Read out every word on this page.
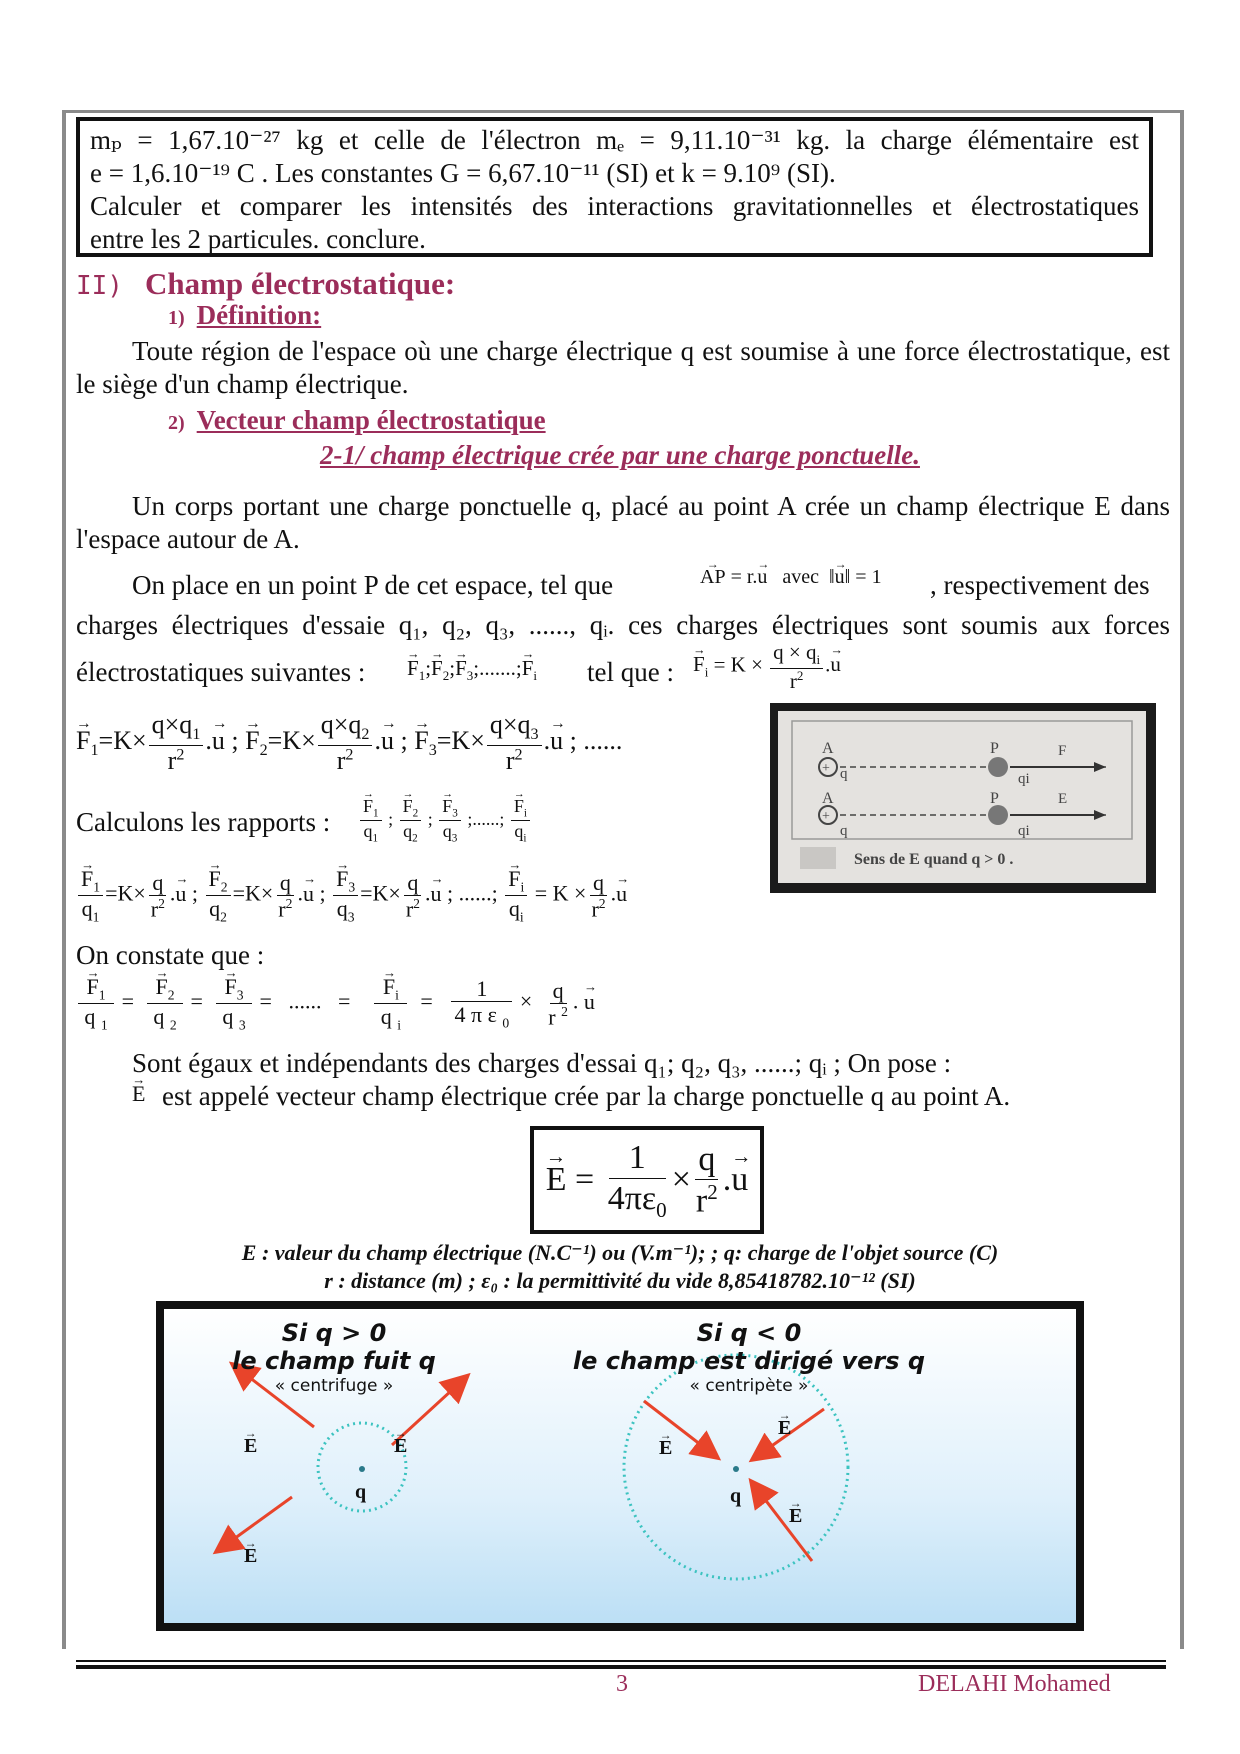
mₚ = 1,67.10⁻²⁷ kg et celle de l'électron mₑ = 9,11.10⁻³¹ kg. la charge élémentaire est
e = 1,6.10⁻¹⁹ C . Les constantes G = 6,67.10⁻¹¹ (SI) et k = 9.10⁹ (SI).
Calculer et comparer les intensités des interactions gravitationnelles et électrostatiques
entre les 2 particules. conclure.
II) Champ électrostatique:
1) Définition:
Toute région de l'espace où une charge électrique q est soumise à une force électrostatique, est le siège d'un champ électrique.
2) Vecteur champ électrostatique
2-1/ champ électrique crée par une charge ponctuelle.
Un corps portant une charge ponctuelle q, placé au point A crée un champ électrique E dans l'espace autour de A.
On place en un point P de cet espace, tel que	→ AP = r.→ u   avec  ‖→ u‖ = 1 , respectivement des
charges électriques d'essaie q₁, q₂, q₃, ......, qᵢ. ces charges électriques sont soumis aux forces
électrostatiques suivantes : → $F_1;\to$ $F_2;\to$ $F_3;.......;\to F_i$ tel que : → $F_i = K \times \frac{q \times q_i}{r^2}$ .→ u
→ $F_1=K\times \frac{q\times q_1}{r^2}$ .→ u ; → $F_2=K\times \frac{q\times q_2}{r^2}$ .→ u ; → $F_3=K\times \frac{q\times q_3}{r^2}$ .→ u ; ......	A
+
P
q	qi
F
A
+
P
q	qi
E
Sens de E quand q > 0 .
Calculons les rapports : → $\frac{F_1}{q_1}$ ; → $\frac{F_2}{q_2}$ ; → $\frac{F_3}{q_3}$ ;......; → $\frac{F_i}{q_i}$
→ $\frac{F_1}{q_1} =K\times \frac{q}{r^2}$ .→ u ; → $\frac{F_2}{q_2} =K\times \frac{q}{r^2}$ .→ u ; → $\frac{F_3}{q_3} =K\times \frac{q}{r^2}$ .→ u ; ......; → $\frac{F_i}{q_i} = K \times \frac{q}{r^2}$ .→ u
On constate que :
→ $\frac{F_1}{q _1}$ = → $\frac{F_2}{q _2}$ = → $\frac{F_3}{q _3}$ =   ......   = → $\frac{F_i}{q _i} = \frac{1}{4 \pi \varepsilon _0} \times \frac{q}{r ^2}$ . → u
Sont égaux et indépendants des charges d'essai q₁; q₂, q₃, ......; qᵢ ; On pose :
→ E est appelé vecteur champ électrique crée par la charge ponctuelle q au point A.
→ $E = \frac{1}{4\pi\varepsilon_0} \times \frac{q}{r^2}$ . → u
E : valeur du champ électrique (N.C⁻¹) ou (V.m⁻¹); ; q: charge de l'objet source (C)
r : distance (m) ; ε₀ : la permittivité du vide 8,85418782.10⁻¹² (SI)
Si q > 0
le champ fuit q
« centrifuge »
Si q < 0
le champ est dirigé vers q
« centripète »
→ E	→ E
→ E
q
→ E
→ E
→ E
q
3	DELAHI Mohamed
